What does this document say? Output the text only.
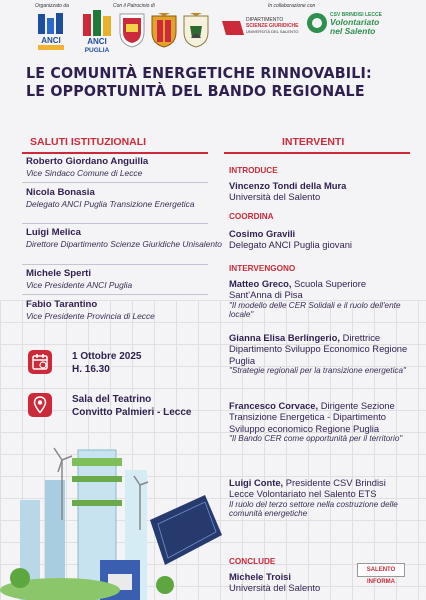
Organizzato da	Con il Patrocinio di	In collaborazione con
ANCI	ANCI
PUGLIA
DIPARTIMENTO
SCIENZE GIURIDICHE
UNIVERSITÀ DEL SALENTO
CSV BRINDISI LECCE
Volontariato
nel Salento
LE COMUNITÀ ENERGETICHE RINNOVABILI:
LE OPPORTUNITÀ DEL BANDO REGIONALE
SALUTI ISTITUZIONALI
Roberto Giordano Anguilla
Vice Sindaco Comune di Lecce
Nicola Bonasia
Delegato ANCI Puglia Transizione Energetica
Luigi Melica
Direttore Dipartimento Scienze Giuridiche Unisalento
Michele Sperti
Vice Presidente ANCI Puglia
Fabio Tarantino
Vice Presidente Provincia di Lecce
1 Ottobre 2025
H. 16.30
Sala del Teatrino
Convitto Palmieri - Lecce
INTERVENTI
INTRODUCE
Vincenzo Tondi della Mura
Università del Salento
COORDINA
Cosimo Gravili
Delegato ANCI Puglia giovani
INTERVENGONO
Matteo Greco, Scuola Superiore Sant'Anna di Pisa
"Il modello delle CER Solidali e il ruolo dell'ente locale"
Gianna Elisa Berlingerio, Direttrice Dipartimento Sviluppo Economico Regione Puglia
"Strategie regionali per la transizione energetica"
Francesco Corvace, Dirigente Sezione Transizione Energetica - Dipartimento Sviluppo economico Regione Puglia
"Il Bando CER come opportunità per il territorio"
Luigi Conte, Presidente CSV Brindisi Lecce Volontariato nel Salento ETS
Il ruolo del terzo settore nella costruzione delle comunità energetiche
CONCLUDE
Michele Troisi
Università del Salento
SALENTO INFORMA
